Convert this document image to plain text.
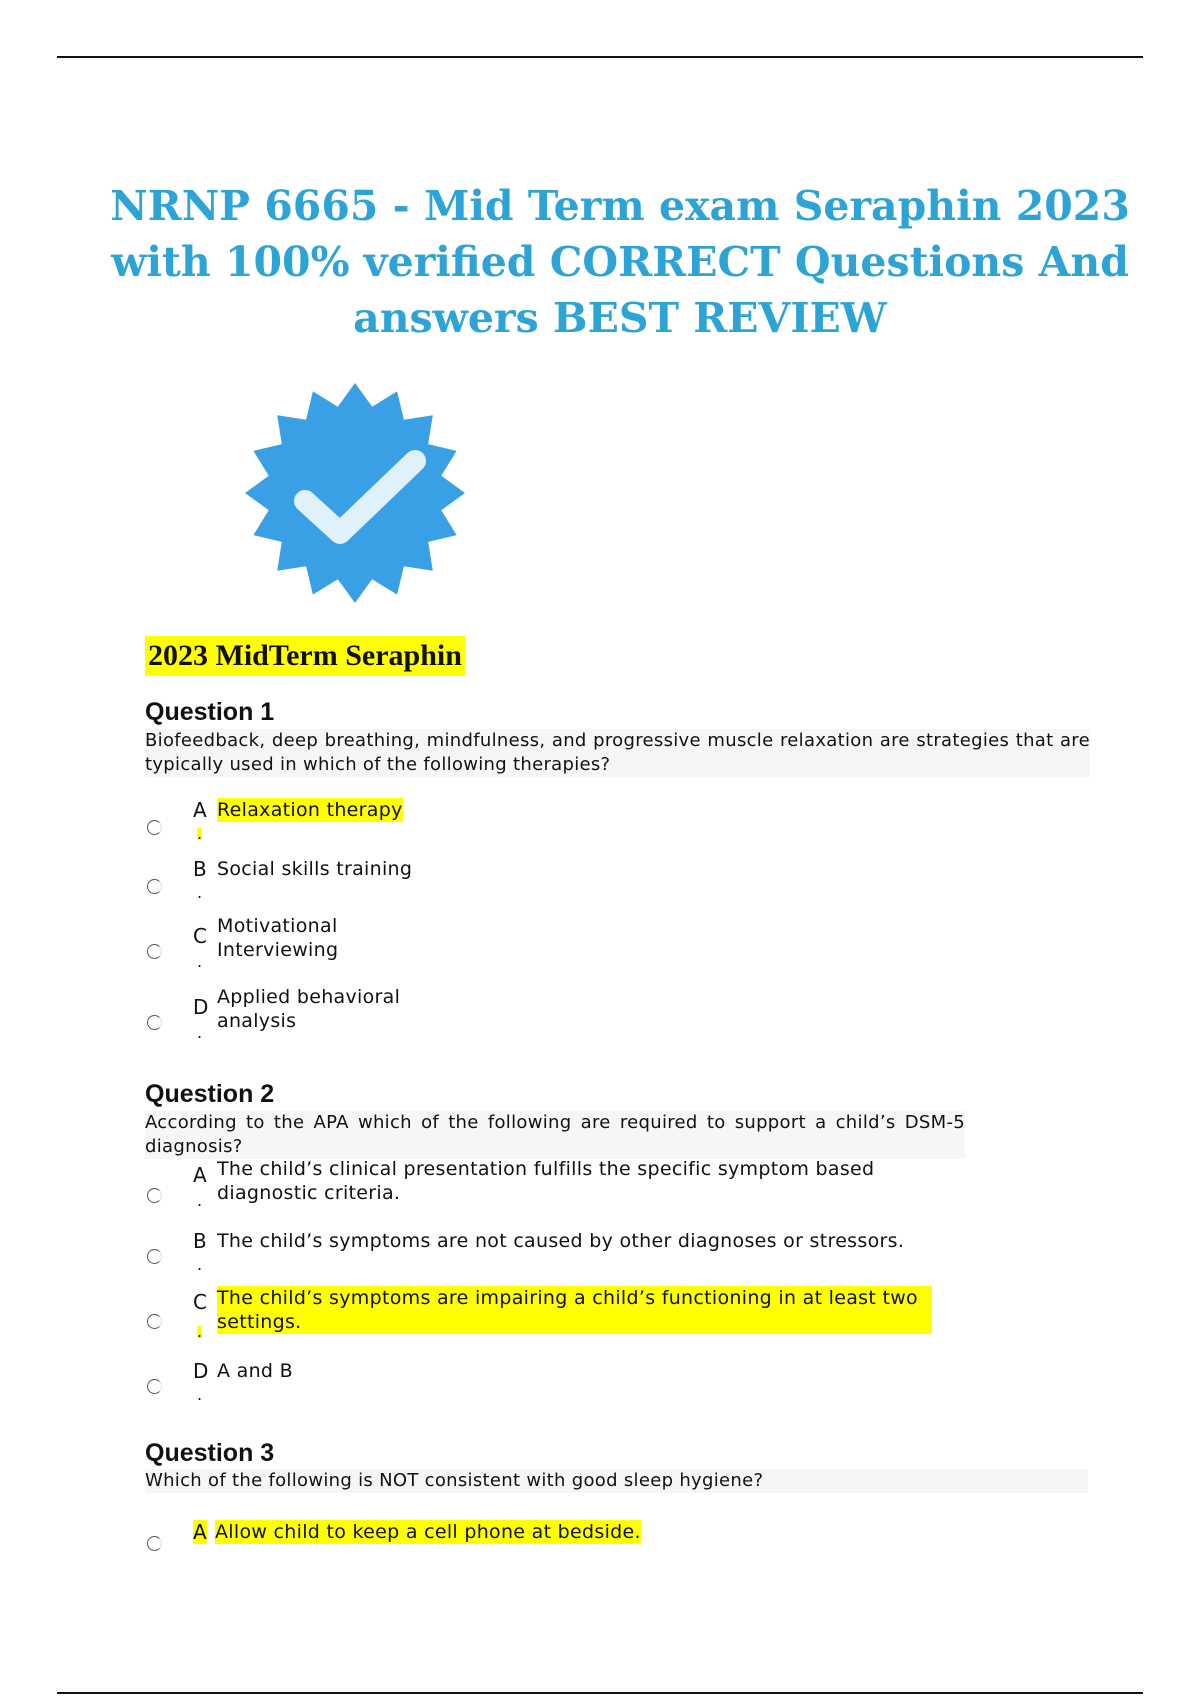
NRNP 6665 - Mid Term exam Seraphin 2023 with 100% verified CORRECT Questions And answers BEST REVIEW
2023 MidTerm Seraphin
Question 1
Biofeedback, deep breathing, mindfulness, and progressive muscle relaxation are strategies that are typically used in which of the following therapies?
A
.
Relaxation therapy
B
.
Social skills training
C
.
Motivational Interviewing
D
.
Applied behavioral analysis
Question 2
According to the APA which of the following are required to support a child’s DSM-5 diagnosis?
A
.
The child’s clinical presentation fulfills the specific symptom based diagnostic criteria.
B
.
The child’s symptoms are not caused by other diagnoses or stressors.
C
.
The child’s symptoms are impairing a child’s functioning in at least two settings.
D
.
A and B
Question 3
Which of the following is NOT consistent with good sleep hygiene?
A Allow child to keep a cell phone at bedside.
